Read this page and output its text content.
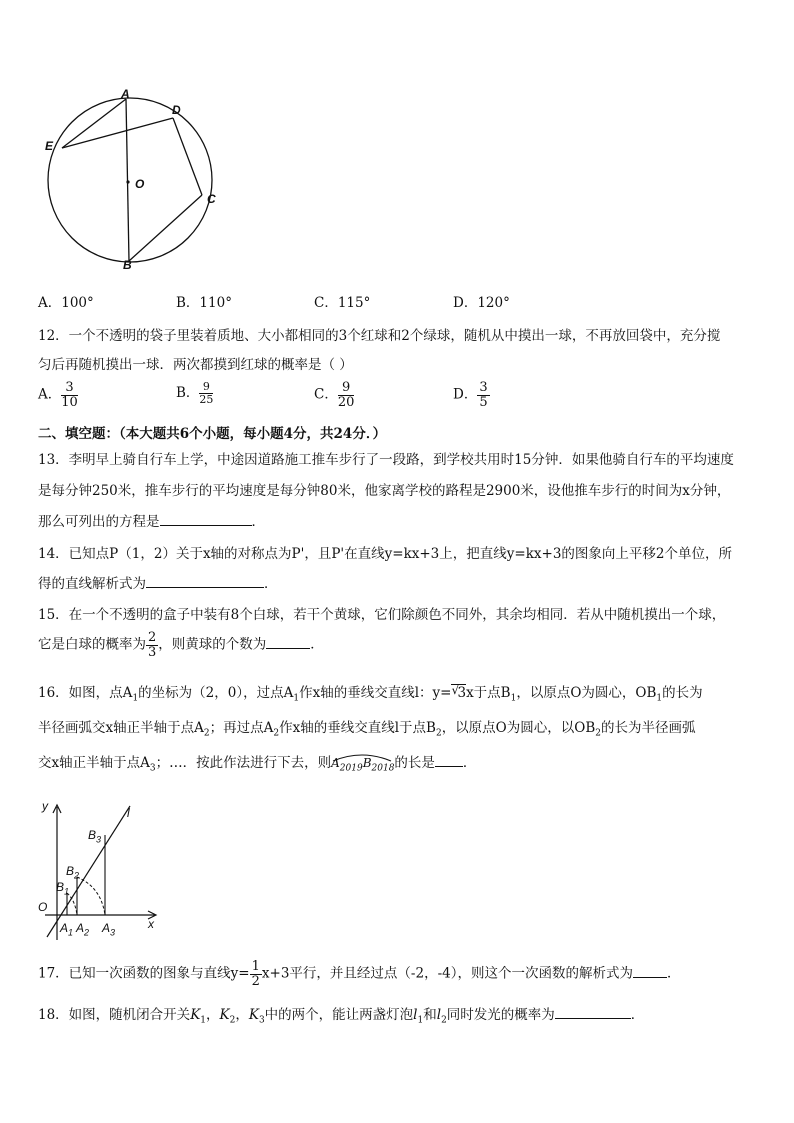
A
D
E
O
C
B
A．100°	B．110°	C．115°	D．120°
12．一个不透明的袋子里装着质地、大小都相同的3个红球和2个绿球，随机从中摸出一球，不再放回袋中，充分搅
匀后再随机摸出一球．两次都摸到红球的概率是（ ）
A． $\frac{3}{10}$	B． $\frac{9}{25}$	C． $\frac{9}{20}$	D． $\frac{3}{5}$
二、填空题：（本大题共6个小题，每小题4分，共24分．）
13．李明早上骑自行车上学，中途因道路施工推车步行了一段路，到学校共用时15分钟．如果他骑自行车的平均速度
是每分钟250米，推车步行的平均速度是每分钟80米，他家离学校的路程是2900米，设他推车步行的时间为x分钟，
那么可列出的方程是	．
14．已知点P（1，2）关于x轴的对称点为P'，且P'在直线y=kx+3上，把直线y=kx+3的图象向上平移2个单位，所
得的直线解析式为	．
15．在一个不透明的盒子中装有8个白球，若干个黄球，它们除颜色不同外，其余均相同．若从中随机摸出一个球，
它是白球的概率为 $\frac{2}{3}$ ，则黄球的个数为	．
16．如图，点$A_1$的坐标为（2，0），过点$A_1$作x轴的垂线交直线l：y= √
3x于点$B_1$，以原点O为圆心，$OB_1$的长为
半径画弧交x轴正半轴于点$A_2$；再过点$A_2$作x轴的垂线交直线l于点$B_2$，以原点O为圆心，以$OB_2$的长为半径画弧
交x轴正半轴于点$A_3$；…．按此作法进行下去，则
$A_{2019}B_{2018}$的长是 ．
y	l
$B_3$
$B_2$
$B_1$
O
x
$A_1$ $A_2$ $A_3$
17．已知一次函数的图象与直线$y= \frac{1}{2} x+3$平行，并且经过点（-2，-4），则这个一次函数的解析式为	．
18．如图，随机闭合开关$K_1$，$K_2$，$K_3$中的两个，能让两盏灯泡$l_1$和$l_2$同时发光的概率为	．
